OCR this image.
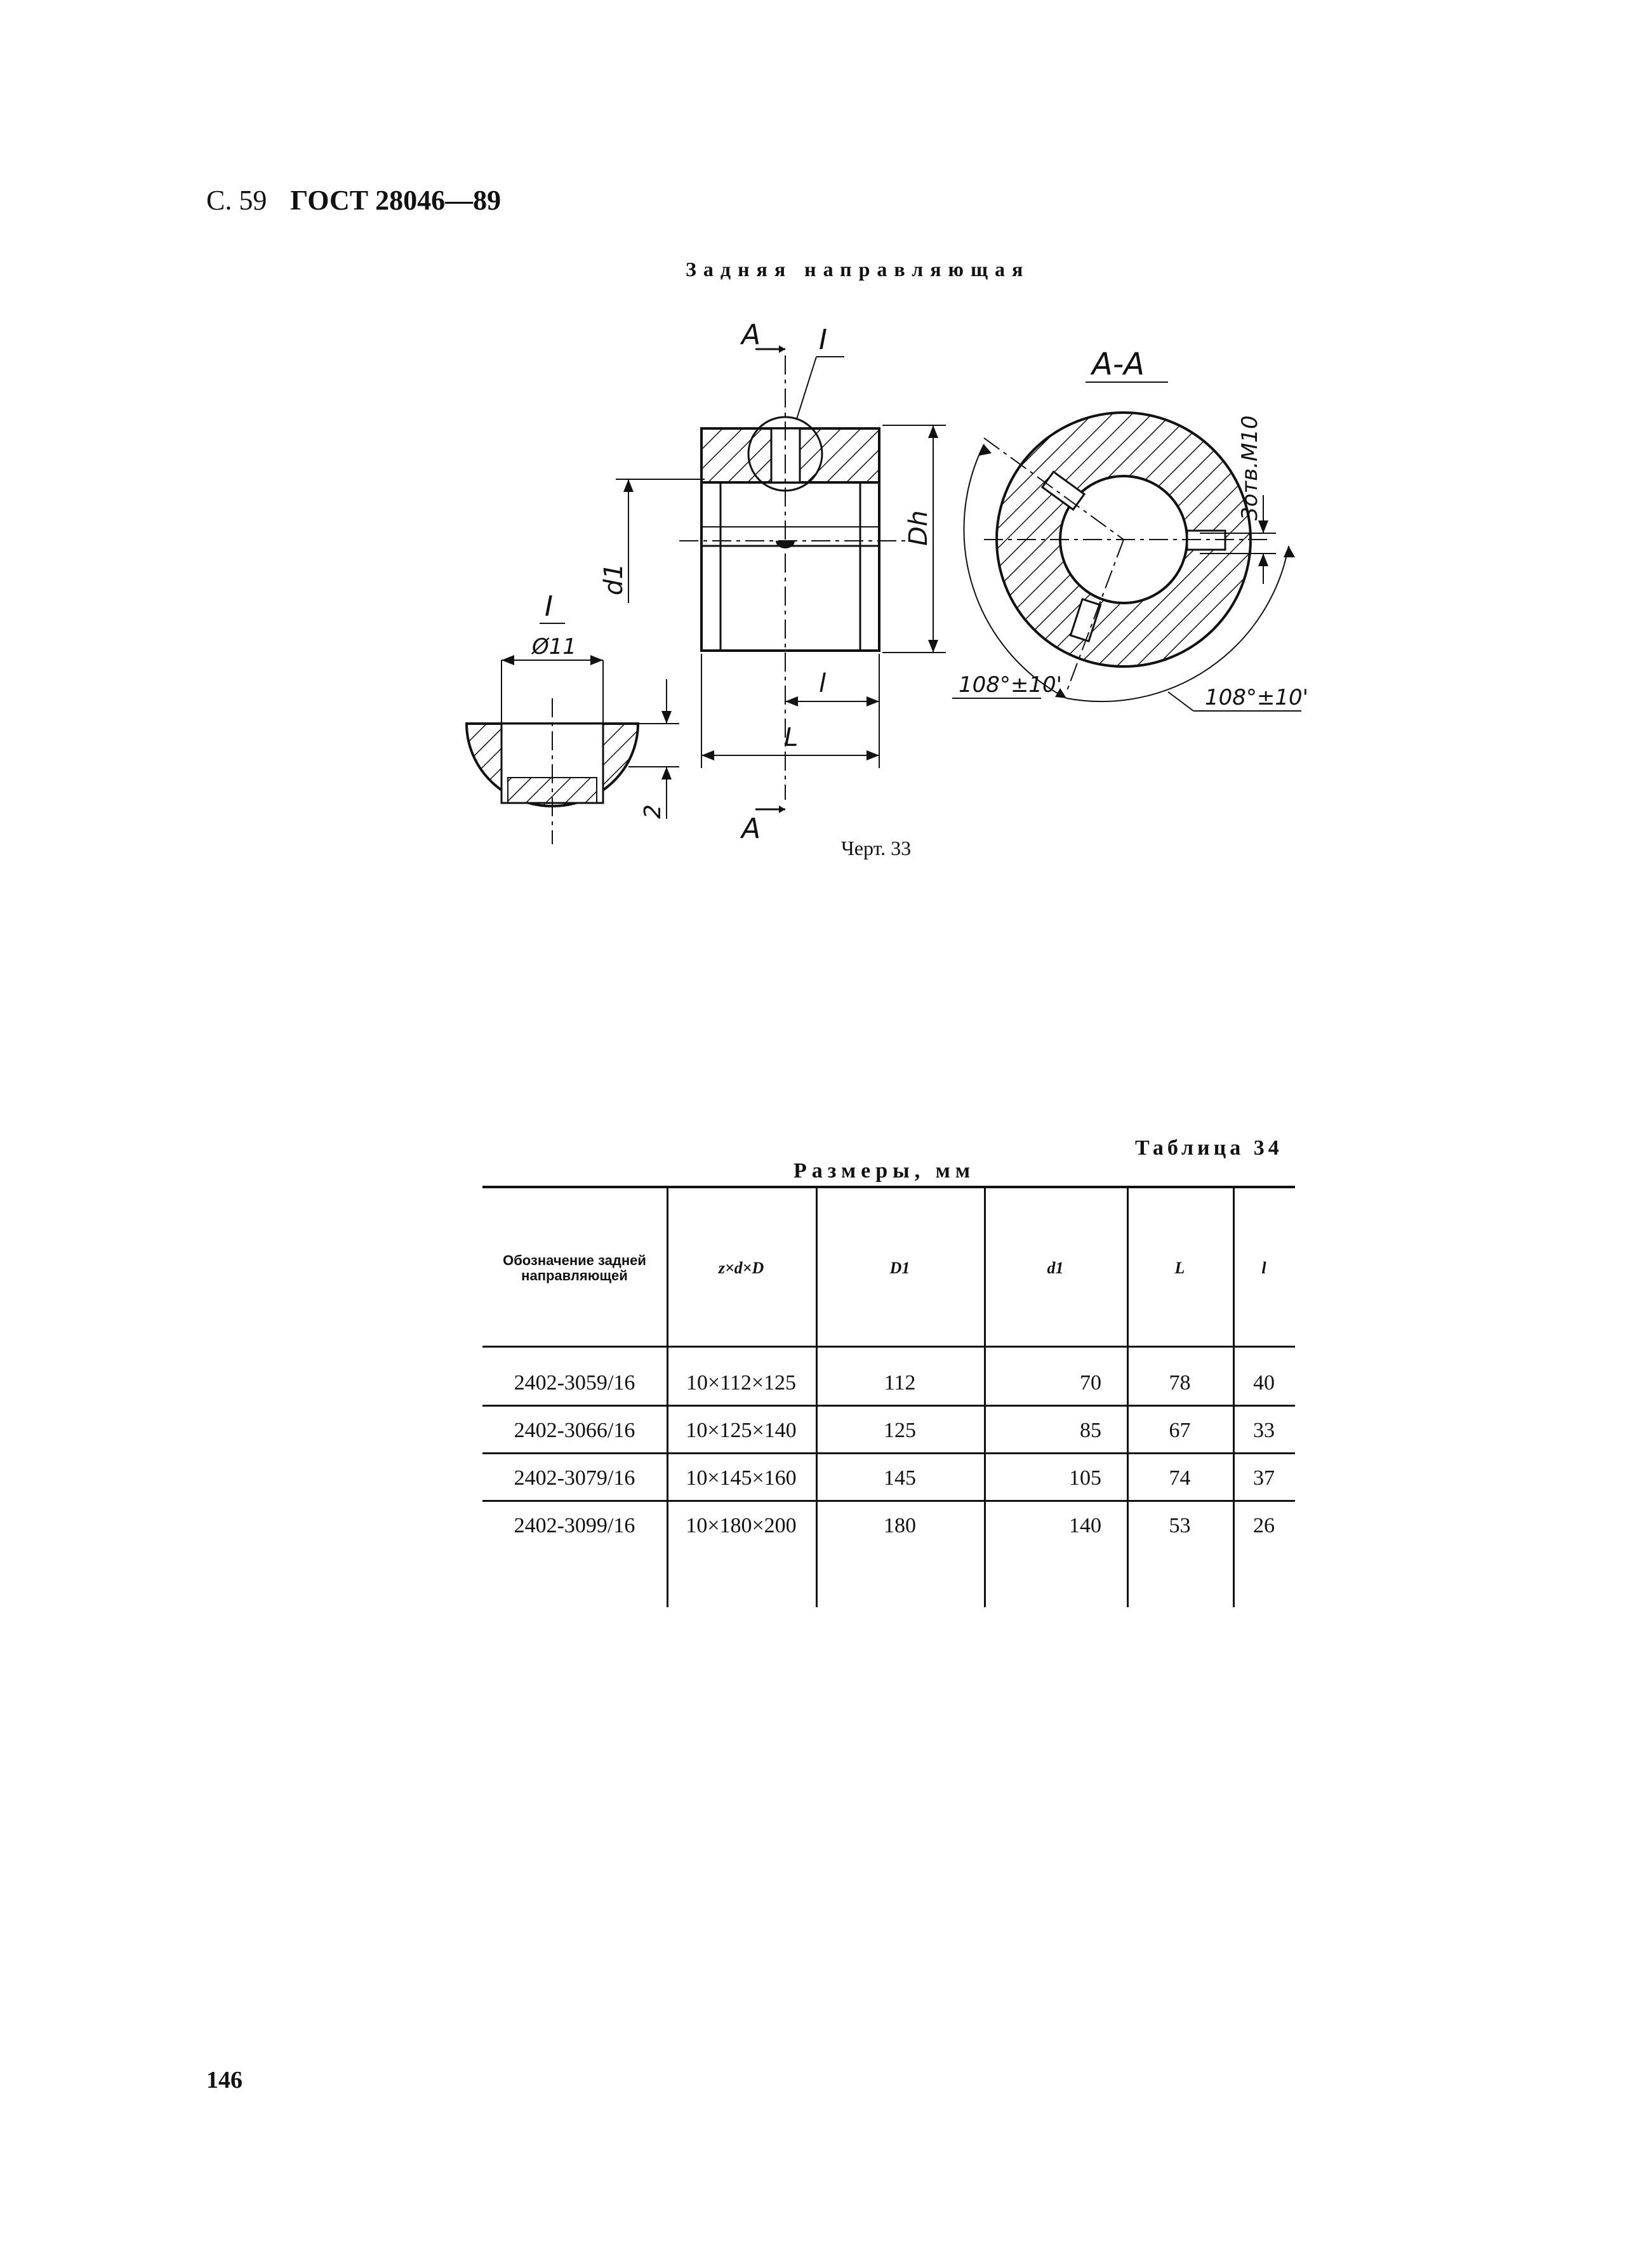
С. 59 ГОСТ 28046—89
Задняя направляющая
А
А
I
Dh
d1
l
L
I
Ø11
2
А-А
3отв.М10
108°±10'	108°±10'
Черт. 33
Таблица 34
Размеры, мм
Обозначение задней направляющей	z×d×D	D1	d1	L	l
2402-3059/16	10×112×125	112	70	78	40
2402-3066/16	10×125×140	125	85	67	33
2402-3079/16	10×145×160	145	105	74	37
2402-3099/16	10×180×200	180	140	53	26
146
